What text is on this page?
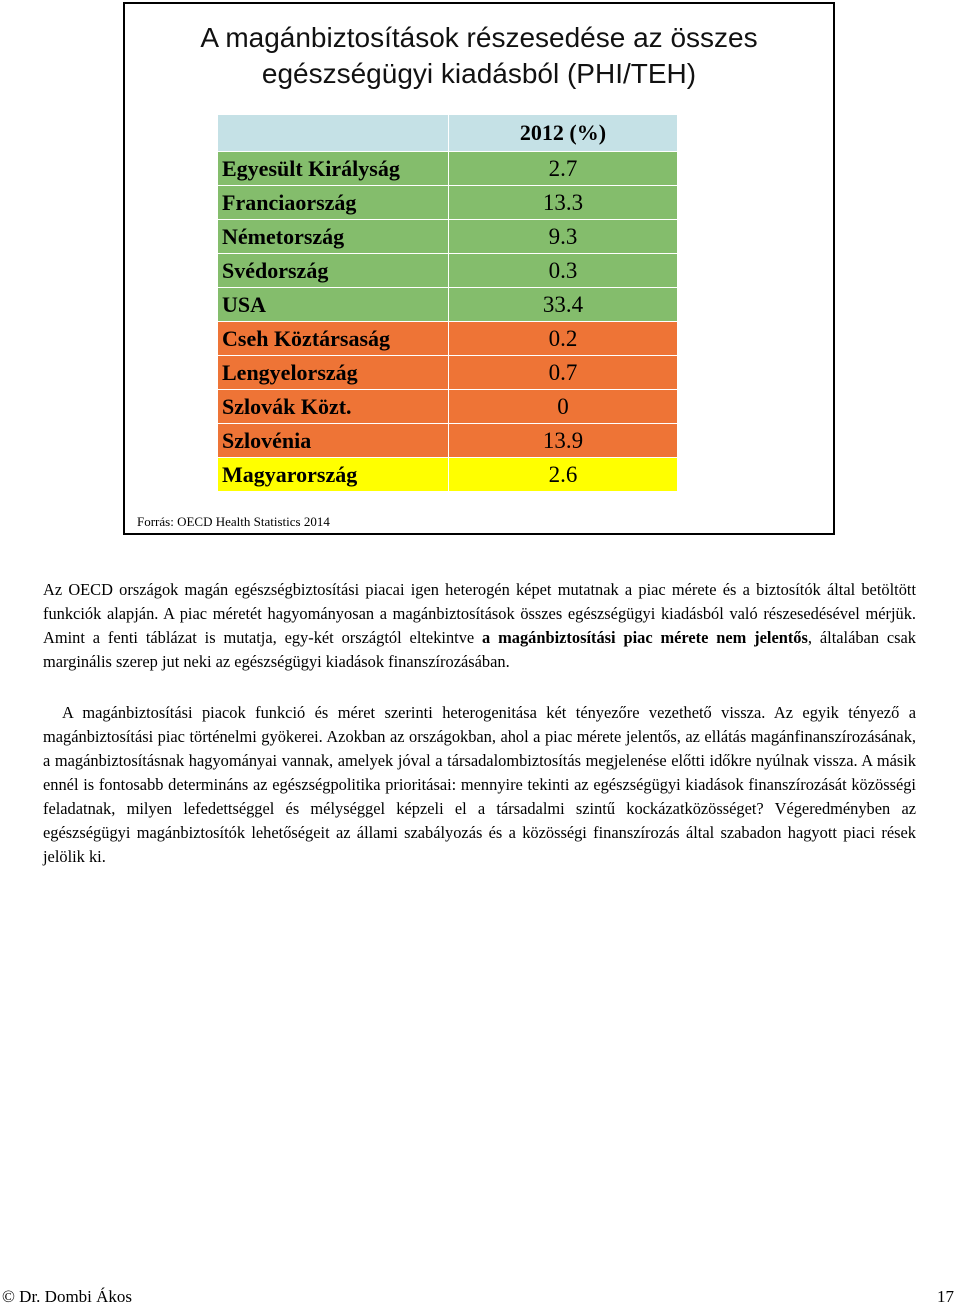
A magánbiztosítások részesedése az összes
egészségügyi kiadásból (PHI/TEH)
	2012 (%)
Egyesült Királyság	2.7
Franciaország	13.3
Németország	9.3
Svédország	0.3
USA	33.4
Cseh Köztársaság	0.2
Lengyelország	0.7
Szlovák Közt.	0
Szlovénia	13.9
Magyarország	2.6
Forrás: OECD Health Statistics 2014
Az OECD országok magán egészségbiztosítási piacai igen heterogén képet mutatnak a piac mérete és a biztosítók által betöltött funkciók alapján. A piac méretét hagyományosan a magánbiztosítások összes egészségügyi kiadásból való részesedésével mérjük. Amint a fenti táblázat is mutatja, egy-két országtól eltekintve a magánbiztosítási piac mérete nem jelentős, általában csak marginális szerep jut neki az egészségügyi kiadások finanszírozásában.
A magánbiztosítási piacok funkció és méret szerinti heterogenitása két tényezőre vezethető vissza. Az egyik tényező a magánbiztosítási piac történelmi gyökerei. Azokban az országokban, ahol a piac mérete jelentős, az ellátás magánfinanszírozásának, a magánbiztosításnak hagyományai vannak, amelyek jóval a társadalombiztosítás megjelenése előtti időkre nyúlnak vissza. A másik ennél is fontosabb determináns az egészségpolitika prioritásai: mennyire tekinti az egészségügyi kiadások finanszírozását közösségi feladatnak, milyen lefedettséggel és mélységgel képzeli el a társadalmi szintű kockázatközösséget? Végeredményben az egészségügyi magánbiztosítók lehetőségeit az állami szabályozás és a közösségi finanszírozás által szabadon hagyott piaci rések jelölik ki.
© Dr. Dombi Ákos	17
